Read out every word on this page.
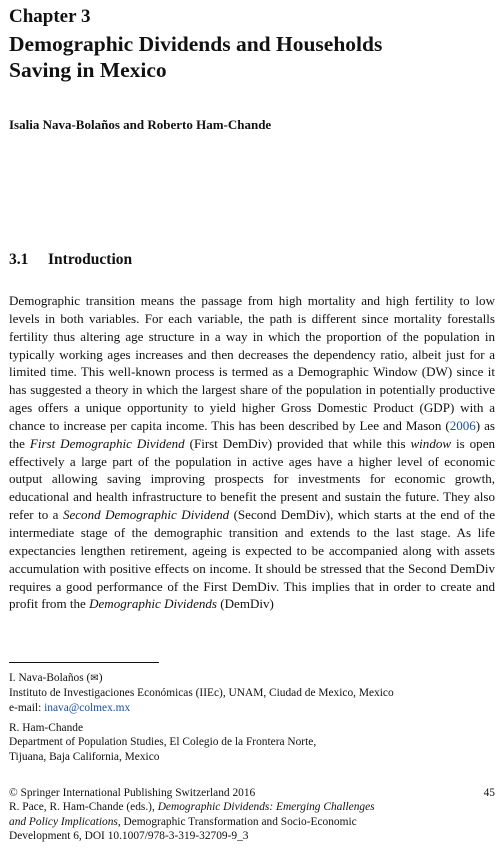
Chapter 3
Demographic Dividends and Households
Saving in Mexico
Isalia Nava-Bolaños and Roberto Ham-Chande
3.1 Introduction

Demographic transition means the passage from high mortality and high fertility to low levels in both variables. For each variable, the path is different since mortality forestalls fertility thus altering age structure in a way in which the proportion of the population in typically working ages increases and then decreases the dependency ratio, albeit just for a limited time. This well-known process is termed as a Demographic Window (DW) since it has suggested a theory in which the largest share of the population in potentially productive ages offers a unique opportunity to yield higher Gross Domestic Product (GDP) with a chance to increase per capita income. This has been described by Lee and Mason (2006) as the First Demographic Dividend (First DemDiv) provided that while this window is open effectively a large part of the population in active ages have a higher level of economic output allowing saving improving prospects for investments for economic growth, educational and health infrastructure to benefit the present and sustain the future. They also refer to a Second Demographic Dividend (Second DemDiv), which starts at the end of the intermediate stage of the demographic transition and extends to the last stage. As life expectancies lengthen retirement, ageing is expected to be accompanied along with assets accumulation with positive effects on income. It should be stressed that the Second DemDiv requires a good performance of the First DemDiv. This implies that in order to create and profit from the Demographic Dividends (DemDiv)

I. Nava-Bolaños (✉)
Instituto de Investigaciones Económicas (IIEc), UNAM, Ciudad de Mexico, Mexico
e-mail: inava@colmex.mx
R. Ham-Chande
Department of Population Studies, El Colegio de la Frontera Norte,
Tijuana, Baja California, Mexico
45
© Springer International Publishing Switzerland 2016
R. Pace, R. Ham-Chande (eds.), Demographic Dividends: Emerging Challenges
and Policy Implications, Demographic Transformation and Socio-Economic
Development 6, DOI 10.1007/978-3-319-32709-9_3
